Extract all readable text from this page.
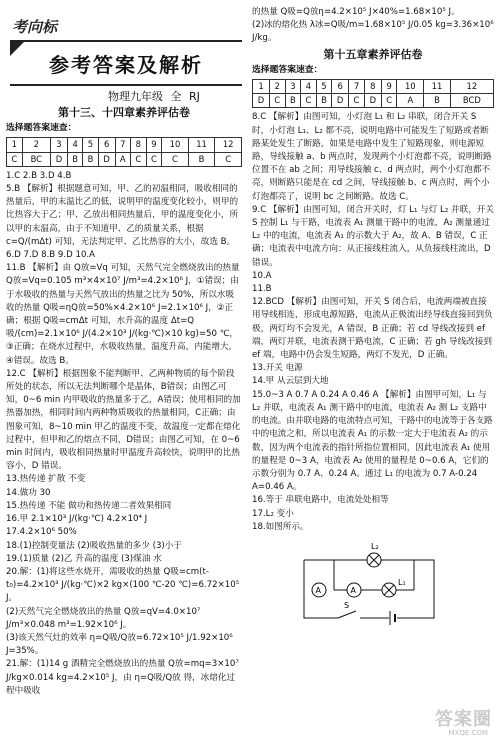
考向标
参考答案及解析
物理九年级 全 RJ
第十三、十四章素养评估卷
选择题答案速查：
1	2	3	4	5	6	7	8	9	10	11	12
C	BC	D	B	B	D	A	C	C	C	B	C

1.C 2.B 3.D 4.B

5.B 【解析】根据题意可知，甲、乙的初温相同，吸收相同的热量后，甲的末温比乙的低，说明甲的温度变化较小，则甲的比热容大于乙；甲、乙放出相同热量后，甲的温度变化小，所以甲的末温高，由于不知道甲、乙的质量关系，根据 c=Q/(mΔt) 可知，无法判定甲、乙比热容的大小，故选 B。

6.D 7.D 8.B 9.D 10.A

11.B 【解析】由 Q放=Vq 可知，天然气完全燃烧放出的热量 Q放=Vq=0.105 m³×4×10⁷ J/m³=4.2×10⁶ J，①错误；由于水吸收的热量与天然气放出的热量之比为 50%，所以水吸收的热量 Q吸=ηQ放=50%×4.2×10⁶ J=2.1×10⁶ J，②正确；根据 Q吸=cmΔt 可知，水升高的温度 Δt=Q吸/(cm)=2.1×10⁶ J/(4.2×10³ J/(kg·℃)×10 kg)=50 ℃，③正确；在烧水过程中，水吸收热量，温度升高，内能增大，④错误。故选 B。

12.C 【解析】根据图象不能判断甲、乙两种物质的每个阶段所处的状态，所以无法判断哪个是晶体，B错误；由图乙可知，0~6 min 内甲吸收的热量多于乙，A错误；使用相同的加热器加热，相同时间内两种物质吸收的热量相同，C正确；由图象可知，8~10 min 甲乙的温度不变，故温度一定都在熔化过程中，但甲和乙的熔点不同，D错误；由图乙可知，在 0~6 min 时间内，吸收相同热量时甲温度升高较快，说明甲的比热容小，D 错误。

13.热传递 扩散 不变

14.做功 30

15.热传递 不能 做功和热传递二者效果相同

16.甲 2.1×10³ J/(kg·℃) 4.2×10⁴ J

17.4.2×10⁶ 50%

18.(1)控制变量法 (2)吸收热量的多少 (3)小于

19.(1)质量 (2)乙 升高的温度 (3)煤油 水

20.解：(1)将这些水烧开，需吸收的热量 Q吸=cm(t-t₀)=4.2×10³ J/(kg·℃)×2 kg×(100 ℃-20 ℃)=6.72×10⁵ J。

(2)天然气完全燃烧放出的热量 Q放=qV=4.0×10⁷ J/m³×0.048 m³=1.92×10⁶ J。

(3)该天然气灶的效率 η=Q吸/Q放=6.72×10⁵ J/1.92×10⁶ J=35%。

21.解：(1)14 g 酒精完全燃烧放出的热量 Q放=mq=3×10⁷ J/kg×0.014 kg=4.2×10⁵ J，由 η=Q吸/Q放 得，冰熔化过程中吸收

的热量 Q吸=Q放η=4.2×10⁵ J×40%=1.68×10⁵ J。

(2)冰的熔化热 λ冰=Q吸/m=1.68×10⁵ J/0.05 kg=3.36×10⁶ J/kg。

第十五章素养评估卷
选择题答案速查：
1	2	3	4	5	6	7	8	9	10	11	12
D	C	B	C	B	D	C	D	C	A	B	BCD

8.C 【解析】由图可知，小灯泡 L₁ 和 L₂ 串联，闭合开关 S 时，小灯泡 L₁、L₂ 都不亮，说明电路中可能发生了短路或者断路某处发生了断路，如果是电路中发生了短路现象，则电源短路，导线接触 a、b 两点时，发现两个小灯泡都不亮，说明断路位置不在 ab 之间；用导线接触 c、d 两点时，两个小灯泡都不亮，则断路只能是在 cd 之间，导线接触 b、c 两点时，两个小灯泡都亮了，说明 bc 之间断路。故选 C。

9.C 【解析】由图可知，闭合开关时，灯 L₁ 与灯 L₂ 并联，开关 S 控制 L₁ 与干路，电流表 A₁ 测量干路中的电流，A₂ 测量通过 L₂ 中的电流，电流表 A₁ 的示数大于 A₂，故 A、B 错误，C 正确；电流表中电流方向：从正接线柱流入，从负接线柱流出，D 错误。

10.A

11.B

12.BCD 【解析】由图可知，开关 S 闭合后，电流两端被直接用导线相连，形成电源短路，电流从正极流出经导线直接回到负极，两灯均不会发光，A 错误，B 正确；若 cd 导线改接到 ef 端，两灯并联，电流表测干路电流，C 正确；若 gh 导线改接到 ef 端，电路中仍会发生短路，两灯不发光，D 正确。

13.开关 电源

14.甲 从云层到大地

15.0~3 A 0.7 A 0.24 A 0.46 A 【解析】由图甲可知，L₁ 与 L₂ 并联，电流表 A₁ 测干路中的电流，电流表 A₂ 测 L₂ 支路中的电流。由并联电路的电流特点可知，干路中的电流等于各支路中的电流之和，所以电流表 A₁ 的示数一定大于电流表 A₂ 的示数，因为两个电流表的指针所指位置相同，因此电流表 A₁ 使用的量程是 0~3 A，电流表 A₂ 使用的量程是 0~0.6 A，它们的示数分别为 0.7 A、0.24 A。通过 L₁ 的电流为 0.7 A-0.24 A=0.46 A。

16.等于 串联电路中，电流处处相等

17.L₂ 变小

18.如图所示。

L₂
L₁
A	A
S
答案圈
MXQE.COM
